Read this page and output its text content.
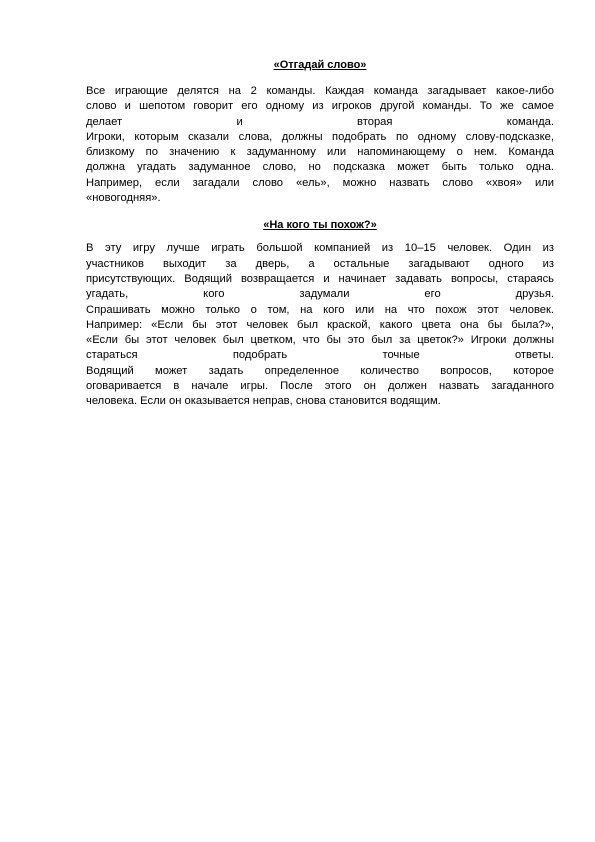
«Отгадай слово»

Все играющие делятся на 2 команды. Каждая команда загадывает какое-либо

слово и шепотом говорит его одному из игроков другой команды. То же самое

делает и вторая команда.

Игроки, которым сказали слова, должны подобрать по одному слову-подсказке,

близкому по значению к задуманному или напоминающему о нем. Команда

должна угадать задуманное слово, но подсказка может быть только одна.

Например, если загадали слово «ель», можно назвать слово «хвоя» или

«новогодняя».

«На кого ты похож?»

В эту игру лучше играть большой компанией из 10–15 человек. Один из

участников выходит за дверь, а остальные загадывают одного из

присутствующих. Водящий возвращается и начинает задавать вопросы, стараясь

угадать, кого задумали его друзья.

Спрашивать можно только о том, на кого или на что похож этот человек.

Например: «Если бы этот человек был краской, какого цвета она бы была?»,

«Если бы этот человек был цветком, что бы это был за цветок?» Игроки должны

стараться подобрать точные ответы.

Водящий может задать определенное количество вопросов, которое

оговаривается в начале игры. После этого он должен назвать загаданного

человека. Если он оказывается неправ, снова становится водящим.
